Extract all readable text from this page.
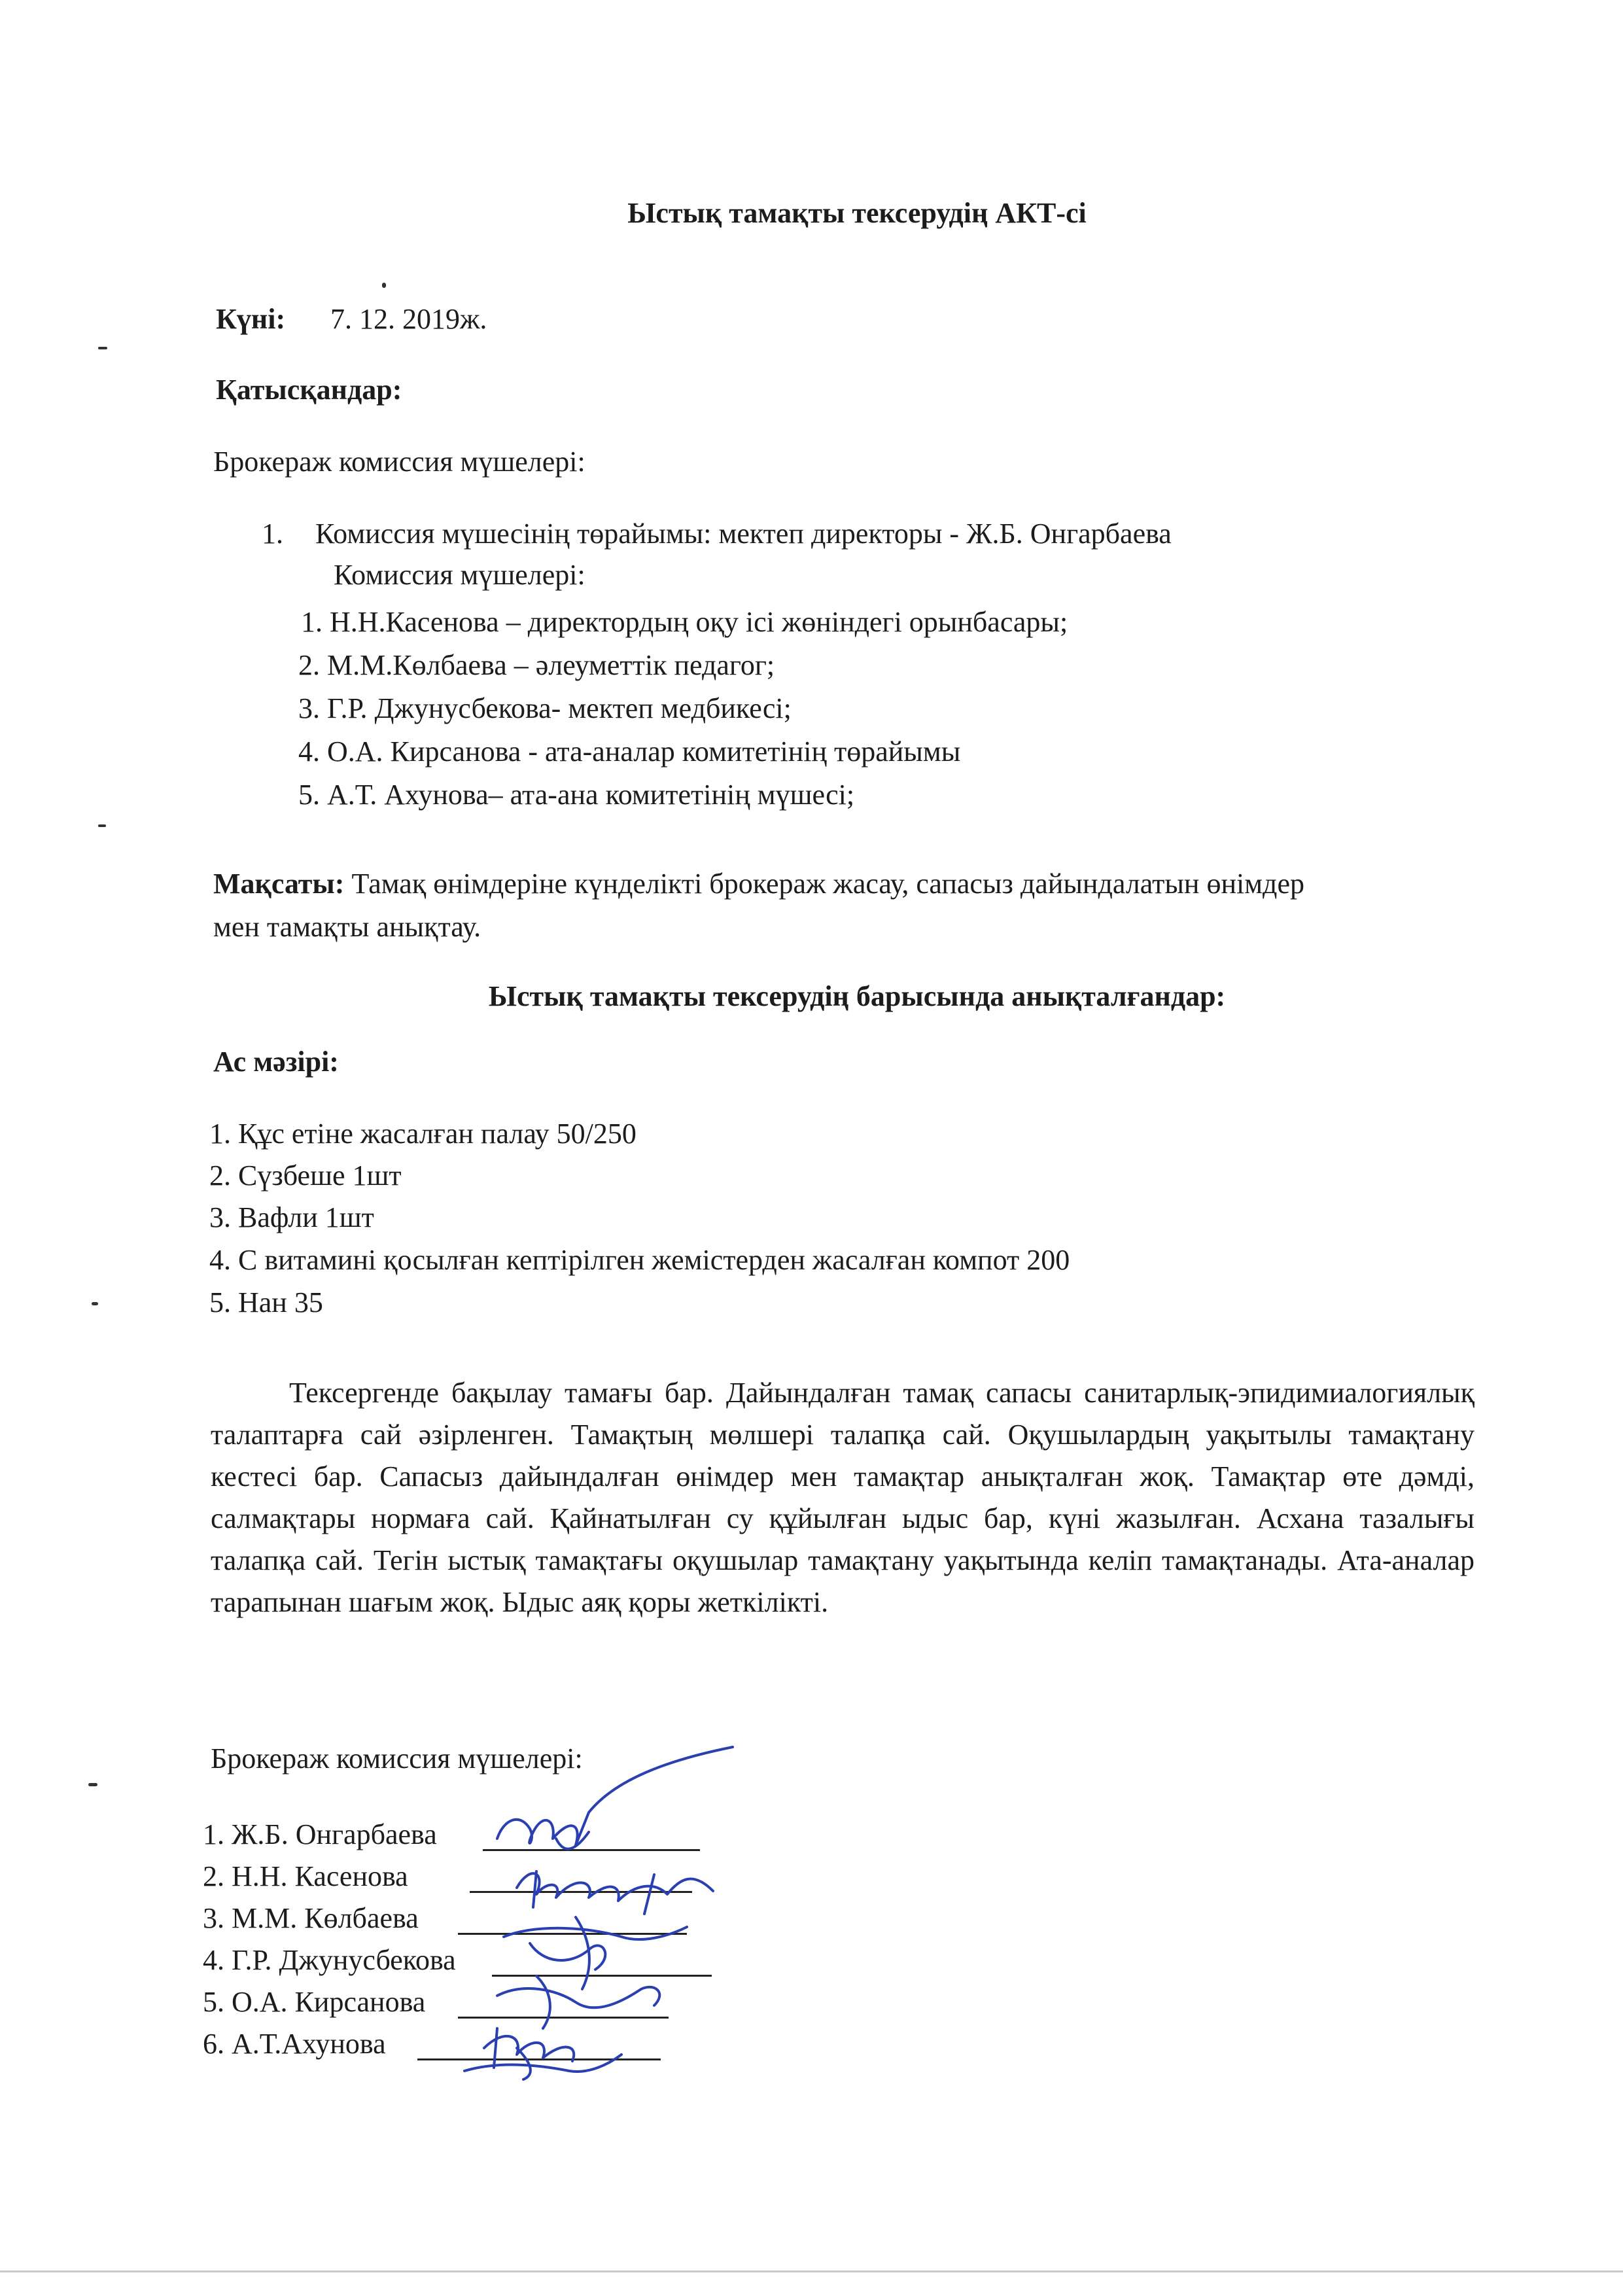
Ыстық тамақты тексерудің АКТ-сі
Күні: 7. 12. 2019ж.
Қатысқандар:
Брокераж комиссия мүшелері:
1. Комиссия мүшесінің төрайымы: мектеп директоры - Ж.Б. Онгарбаева
Комиссия мүшелері:
1. Н.Н.Касенова – директордың оқу ісі жөніндегі орынбасары;
2. М.М.Көлбаева – әлеуметтік педагог;
3. Г.Р. Джунусбекова- мектеп медбикесі;
4. О.А. Кирсанова - ата-аналар комитетінің төрайымы
5. А.Т. Ахунова– ата-ана комитетінің мүшесі;
Мақсаты: Тамақ өнімдеріне күнделікті брокераж жасау, сапасыз дайындалатын өнімдер
мен тамақты анықтау.
Ыстық тамақты тексерудің барысында анықталғандар:
Ас мәзірі:
1. Құс етіне жасалған палау 50/250
2. Сүзбеше 1шт
3. Вафли 1шт
4. С витамині қосылған кептірілген жемістерден жасалған компот 200
5. Нан 35
Тексергенде бақылау тамағы бар. Дайындалған тамақ сапасы санитарлық-эпидимиалогиялық талаптарға сай әзірленген. Тамақтың мөлшері талапқа сай. Оқушылардың уақытылы тамақтану кестесі бар. Сапасыз дайындалған өнімдер мен тамақтар анықталған жоқ. Тамақтар өте дәмді, салмақтары нормаға сай. Қайнатылған су құйылған ыдыс бар, күні жазылған. Асхана тазалығы талапқа сай. Тегін ыстық тамақтағы оқушылар тамақтану уақытында келіп тамақтанады. Ата-аналар тарапынан шағым жоқ. Ыдыс аяқ қоры жеткілікті.
Брокераж комиссия мүшелері:
1. Ж.Б. Онгарбаева
2. Н.Н. Касенова
3. М.М. Көлбаева
4. Г.Р. Джунусбекова
5. О.А. Кирсанова
6. А.Т.Ахунова
